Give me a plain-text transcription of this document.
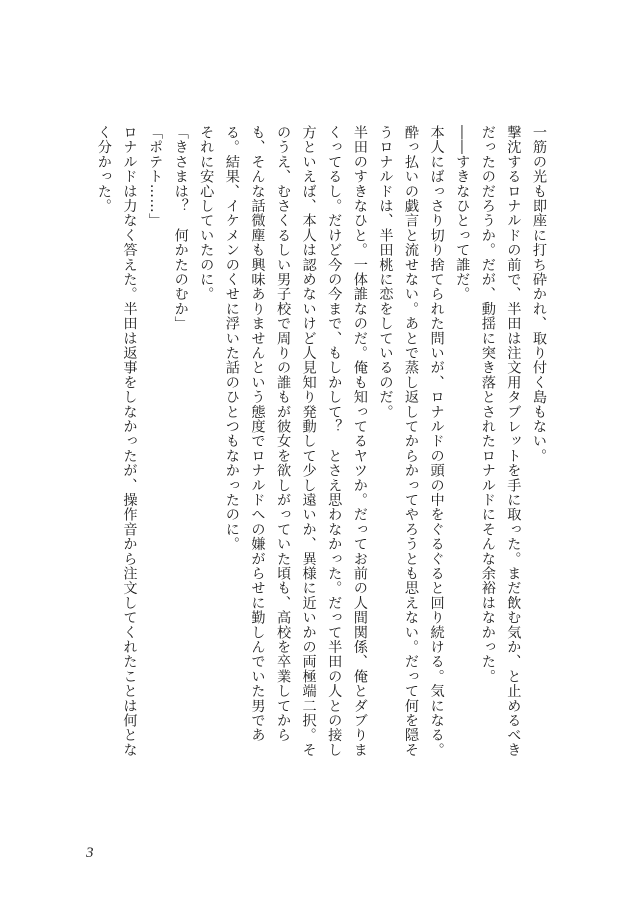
一筋の光も即座に打ち砕かれ、取り付く島もない。

撃沈するロナルドの前で、半田は注文用タブレットを手に取った。まだ飲む気か、と止めるべきだったのだろうか。だが、動揺に突き落とされたロナルドにそんな余裕はなかった。

――すきなひとって誰だ。

本人にばっさり切り捨てられた問いが、ロナルドの頭の中をぐるぐると回り続ける。気になる。酔っ払いの戯言と流せない。あとで蒸し返してからかってやろうとも思えない。だって何を隠そうロナルドは、半田桃に恋をしているのだ。

半田のすきなひと。一体誰なのだ。俺も知ってるヤツか。だってお前の人間関係、俺とダブりまくってるし。だけど今の今まで、もしかして？　とさえ思わなかった。だって半田の人との接し方といえば、本人は認めないけど人見知り発動して少し遠いか、異様に近いかの両極端二択。そのうえ、むさくるしい男子校で周りの誰もが彼女を欲しがっていた頃も、高校を卒業してからも、そんな話微塵も興味ありませんという態度でロナルドへの嫌がらせに勤しんでいた男である。結果、イケメンのくせに浮いた話のひとつもなかったのに。

それに安心していたのに。

「きさまは？　何かたのむか」

「ポテト……」

ロナルドは力なく答えた。半田は返事をしなかったが、操作音から注文してくれたことは何となく分かった。

3
